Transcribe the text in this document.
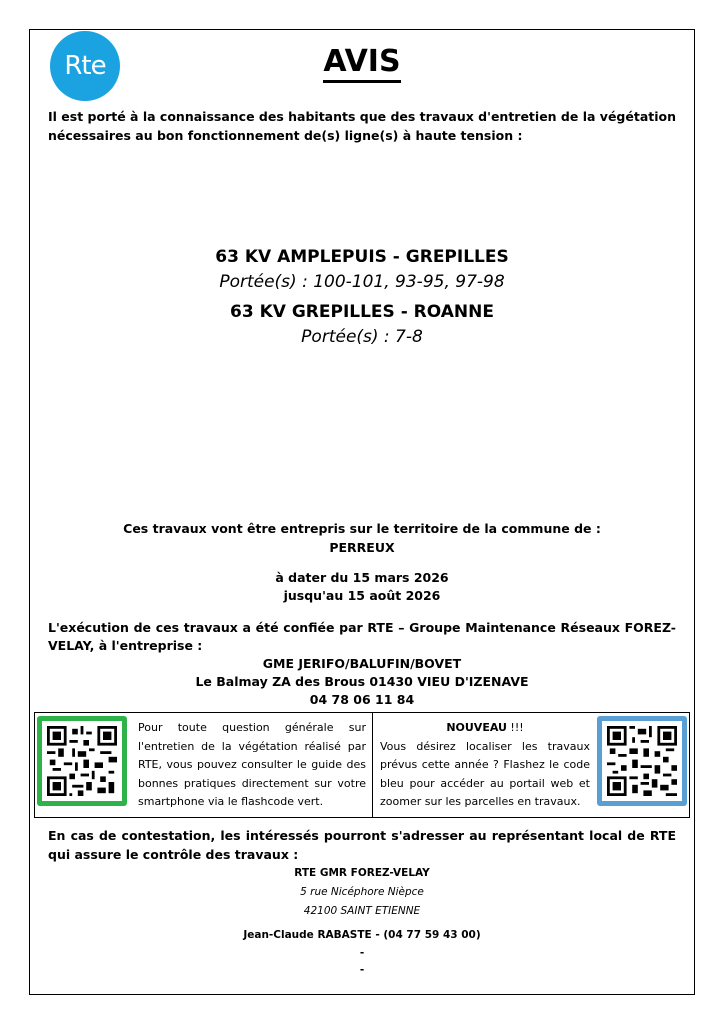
Rte	AVIS
Il est porté à la connaissance des habitants que des travaux d'entretien de la végétation nécessaires au bon fonctionnement de(s) ligne(s) à haute tension :
63 KV AMPLEPUIS - GREPILLES
Portée(s) : 100-101, 93-95, 97-98
63 KV GREPILLES - ROANNE
Portée(s) : 7-8
Ces travaux vont être entrepris sur le territoire de la commune de :
PERREUX
à dater du 15 mars 2026
jusqu'au 15 août 2026
L'exécution de ces travaux a été confiée par RTE – Groupe Maintenance Réseaux FOREZ-VELAY, à l'entreprise :
GME JERIFO/BALUFIN/BOVET
Le Balmay ZA des Brous 01430 VIEU D'IZENAVE
04 78 06 11 84
Pour toute question générale sur l'entretien de la végétation réalisé par RTE, vous pouvez consulter le guide des bonnes pratiques directement sur votre smartphone via le flashcode vert.
NOUVEAU !!!
Vous désirez localiser les travaux prévus cette année ? Flashez le code bleu pour accéder au portail web et zoomer sur les parcelles en travaux.
En cas de contestation, les intéressés pourront s'adresser au représentant local de RTE qui assure le contrôle des travaux :
RTE GMR FOREZ-VELAY
5 rue Nicéphore Nièpce
42100 SAINT ETIENNE
Jean-Claude RABASTE - (04 77 59 43 00)
-
-
